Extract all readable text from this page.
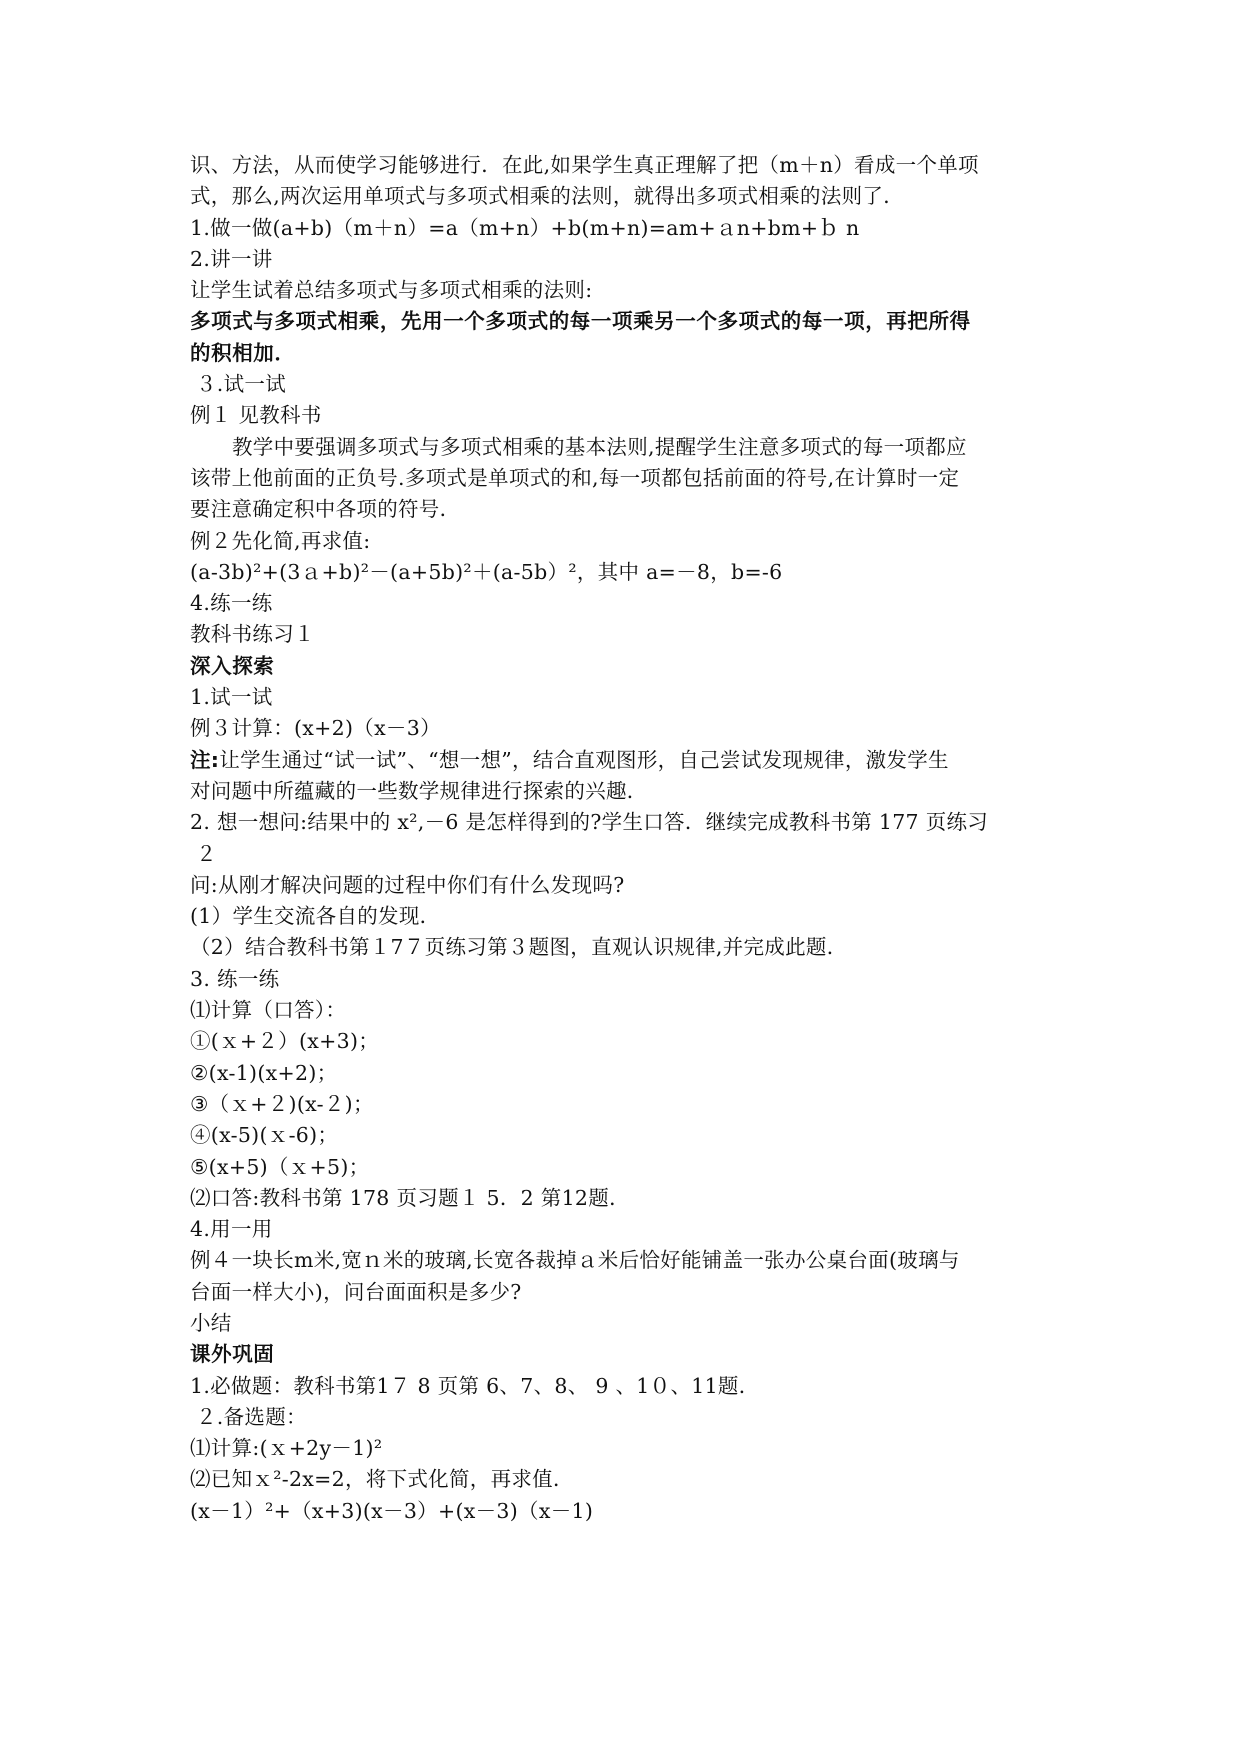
识、方法，从而使学习能够进行．在此,如果学生真正理解了把（m＋n）看成一个单项
式，那么,两次运用单项式与多项式相乘的法则，就得出多项式相乘的法则了．
1.做一做(a+b)（m＋n）=a（m+n）+b(m+n)=am+ａn+bm+ｂ n
2.讲一讲
让学生试着总结多项式与多项式相乘的法则:
多项式与多项式相乘，先用一个多项式的每一项乘另一个多项式的每一项，再把所得
的积相加．
３.试一试
例１ 见教科书
教学中要强调多项式与多项式相乘的基本法则,提醒学生注意多项式的每一项都应
该带上他前面的正负号.多项式是单项式的和,每一项都包括前面的符号,在计算时一定
要注意确定积中各项的符号．
例２先化简,再求值:
(a-3b)²+(3ａ+b)²－(a+5b)²＋(a-5b）²，其中 a=－8，b=-6
4.练一练
教科书练习１
深入探索
1.试一试
例３计算：(x+2)（x－3）
注:让学生通过“试一试”、“想一想”，结合直观图形，自己尝试发现规律，激发学生
对问题中所蕴藏的一些数学规律进行探索的兴趣．
2. 想一想问:结果中的 x²,－6 是怎样得到的?学生口答．继续完成教科书第 177 页练习
２
问:从刚才解决问题的过程中你们有什么发现吗?
(1）学生交流各自的发现．
（2）结合教科书第１7７页练习第３题图，直观认识规律,并完成此题．
3. 练一练
⑴计算（口答）：
①(ｘ+２）(x+3)；
②(x-1)(x+2)；
③（ｘ+２)(x-２)；
④(x-5)(ｘ-6)；
⑤(x+5)（ｘ+5)；
⑵口答:教科书第 178 页习题１ 5．2 第12题．
4.用一用
例４一块长m米,宽ｎ米的玻璃,长宽各裁掉ａ米后恰好能铺盖一张办公桌台面(玻璃与
台面一样大小)，问台面面积是多少?
小结
课外巩固
1.必做题：教科书第1７ 8 页第 6、7、8、 9 、1０、11题．
２.备选题：
⑴计算:(ｘ+2y－1)²
⑵已知ｘ²-2x=2，将下式化简，再求值．
(x－1）²+（x+3)(x－3）+(x－3)（x－1)
